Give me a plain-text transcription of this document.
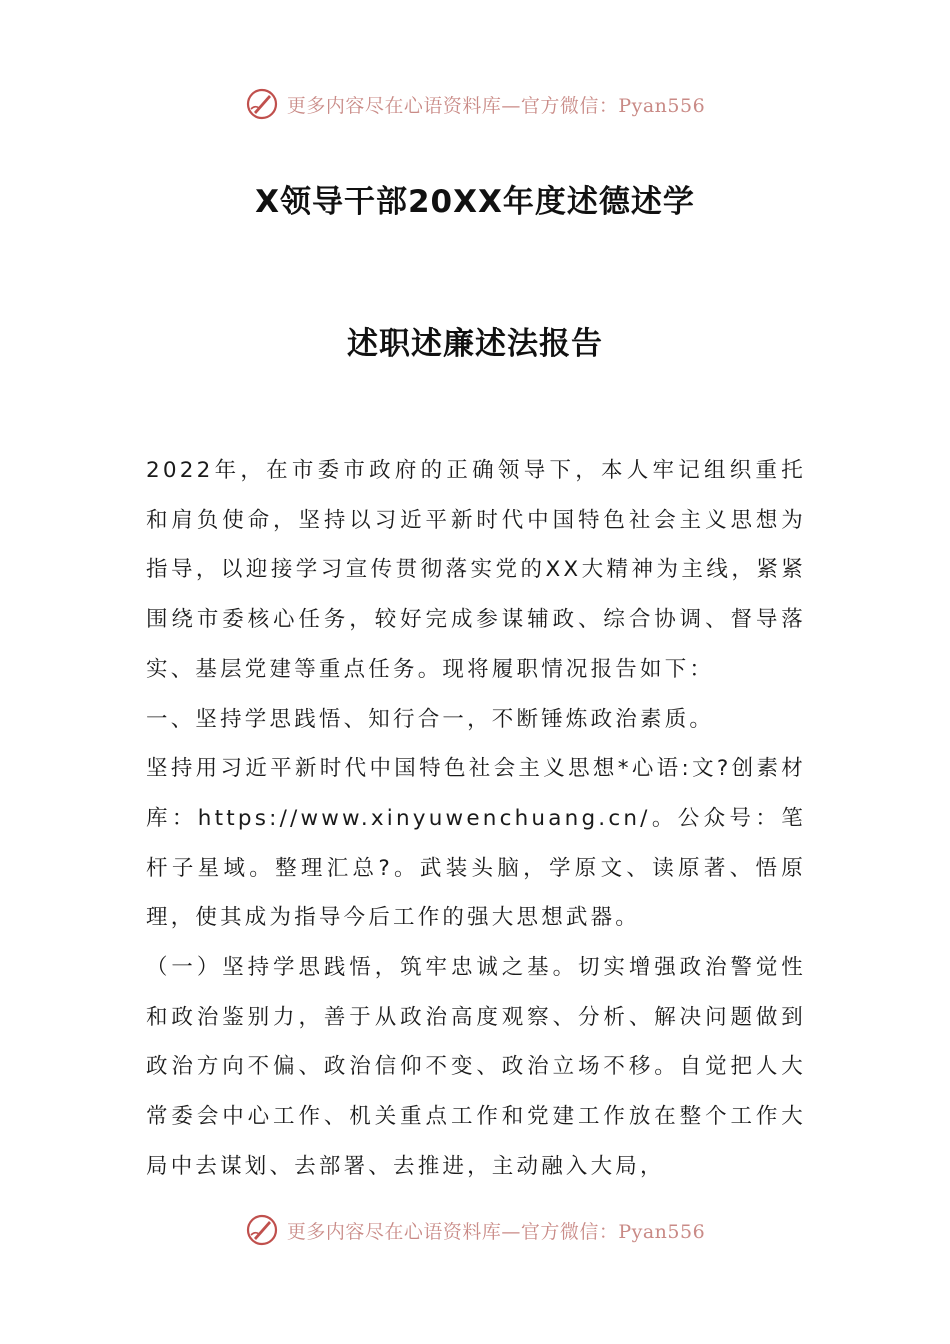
更多内容尽在心语资料库—官方微信：Pyan556
X领导干部20XX年度述德述学
述职述廉述法报告

2022年，在市委市政府的正确领导下，本人牢记组织重托和肩负使命，坚持以习近平新时代中国特色社会主义思想为指导，以迎接学习宣传贯彻落实党的XX大精神为主线，紧紧围绕市委核心任务，较好完成参谋辅政、综合协调、督导落实、基层党建等重点任务。现将履职情况报告如下：

一、坚持学思践悟、知行合一，不断锤炼政治素质。

坚持用习近平新时代中国特色社会主义思想*心语:文?创素材库：https://www.xinyuwenchuang.cn/。公众号：笔杆子星域。整理汇总?。武装头脑，学原文、读原著、悟原理，使其成为指导今后工作的强大思想武器。

（一）坚持学思践悟，筑牢忠诚之基。切实增强政治警觉性和政治鉴别力，善于从政治高度观察、分析、解决问题做到政治方向不偏、政治信仰不变、政治立场不移。自觉把人大常委会中心工作、机关重点工作和党建工作放在整个工作大局中去谋划、去部署、去推进，主动融入大局，

更多内容尽在心语资料库—官方微信：Pyan556
